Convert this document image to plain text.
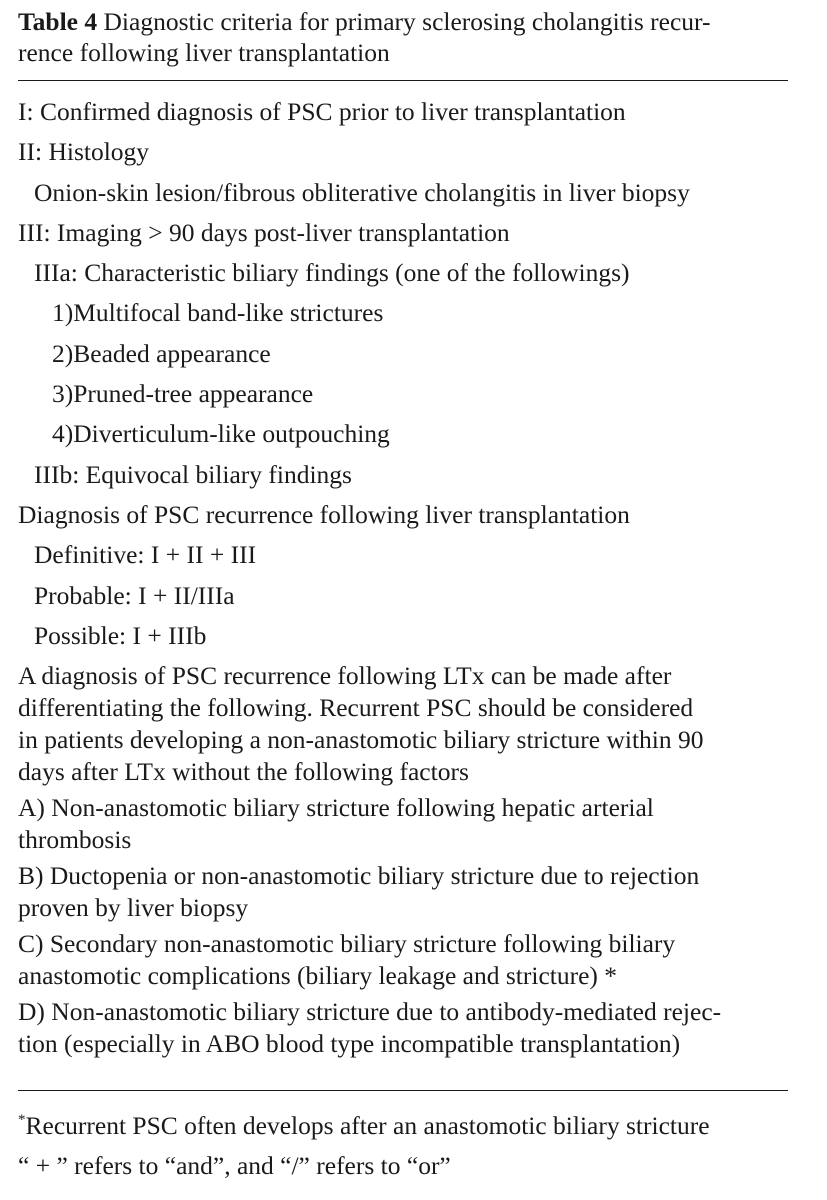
Table 4 Diagnostic criteria for primary sclerosing cholangitis recur-
rence following liver transplantation
I: Confirmed diagnosis of PSC prior to liver transplantation
II: Histology
Onion-skin lesion/fibrous obliterative cholangitis in liver biopsy
III: Imaging > 90 days post-liver transplantation
IIIa: Characteristic biliary findings (one of the followings)
1)Multifocal band-like strictures
2)Beaded appearance
3)Pruned-tree appearance
4)Diverticulum-like outpouching
IIIb: Equivocal biliary findings
Diagnosis of PSC recurrence following liver transplantation
Definitive: I + II + III
Probable: I + II/IIIa
Possible: I + IIIb
A diagnosis of PSC recurrence following LTx can be made after
differentiating the following. Recurrent PSC should be considered
in patients developing a non-anastomotic biliary stricture within 90
days after LTx without the following factors
A) Non-anastomotic biliary stricture following hepatic arterial
thrombosis
B) Ductopenia or non-anastomotic biliary stricture due to rejection
proven by liver biopsy
C) Secondary non-anastomotic biliary stricture following biliary
anastomotic complications (biliary leakage and stricture) *
D) Non-anastomotic biliary stricture due to antibody-mediated rejec-
tion (especially in ABO blood type incompatible transplantation)
*Recurrent PSC often develops after an anastomotic biliary stricture
“ + ” refers to “and”, and “/” refers to “or”
